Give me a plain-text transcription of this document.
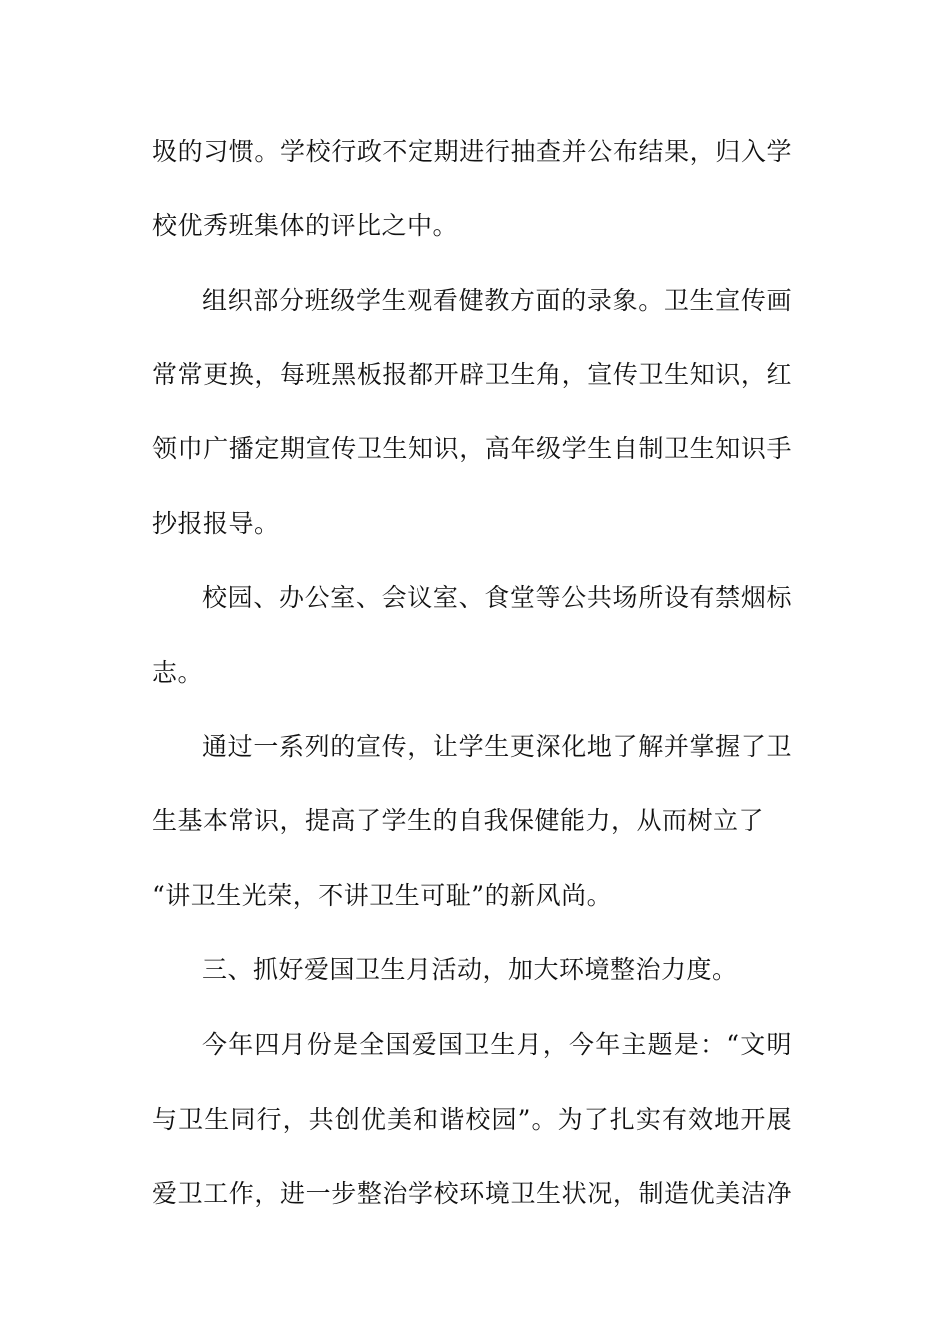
圾的习惯。学校行政不定期进行抽查并公布结果，归入学
校优秀班集体的评比之中。
组织部分班级学生观看健教方面的录象。卫生宣传画
常常更换，每班黑板报都开辟卫生角，宣传卫生知识，红
领巾广播定期宣传卫生知识，高年级学生自制卫生知识手
抄报报导。
校园、办公室、会议室、食堂等公共场所设有禁烟标
志。
通过一系列的宣传，让学生更深化地了解并掌握了卫
生基本常识，提高了学生的自我保健能力，从而树立了
“讲卫生光荣，不讲卫生可耻”的新风尚。
三、抓好爱国卫生月活动，加大环境整治力度。
今年四月份是全国爱国卫生月，今年主题是：“文明
与卫生同行，共创优美和谐校园”。为了扎实有效地开展
爱卫工作，进一步整治学校环境卫生状况，制造优美洁净
